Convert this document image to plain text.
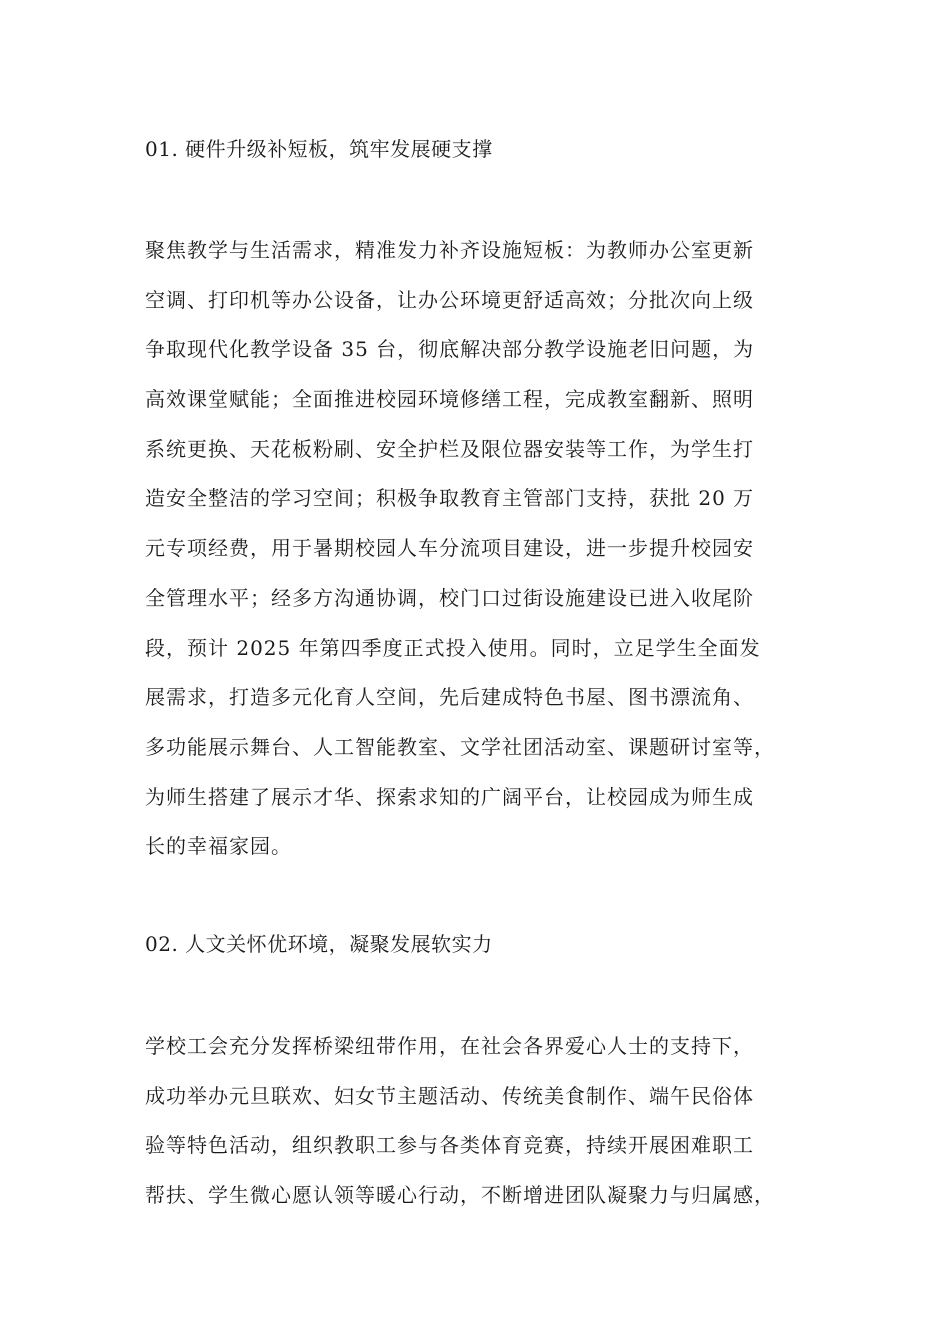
01. 硬件升级补短板，筑牢发展硬支撑
聚焦教学与生活需求，精准发力补齐设施短板：为教师办公室更新
空调、打印机等办公设备，让办公环境更舒适高效；分批次向上级
争取现代化教学设备 35 台，彻底解决部分教学设施老旧问题，为
高效课堂赋能；全面推进校园环境修缮工程，完成教室翻新、照明
系统更换、天花板粉刷、安全护栏及限位器安装等工作，为学生打
造安全整洁的学习空间；积极争取教育主管部门支持，获批 20 万
元专项经费，用于暑期校园人车分流项目建设，进一步提升校园安
全管理水平；经多方沟通协调，校门口过街设施建设已进入收尾阶
段，预计 2025 年第四季度正式投入使用。同时，立足学生全面发
展需求，打造多元化育人空间，先后建成特色书屋、图书漂流角、
多功能展示舞台、人工智能教室、文学社团活动室、课题研讨室等，
为师生搭建了展示才华、探索求知的广阔平台，让校园成为师生成
长的幸福家园。
02. 人文关怀优环境，凝聚发展软实力
学校工会充分发挥桥梁纽带作用，在社会各界爱心人士的支持下，
成功举办元旦联欢、妇女节主题活动、传统美食制作、端午民俗体
验等特色活动，组织教职工参与各类体育竞赛，持续开展困难职工
帮扶、学生微心愿认领等暖心行动，不断增进团队凝聚力与归属感，
